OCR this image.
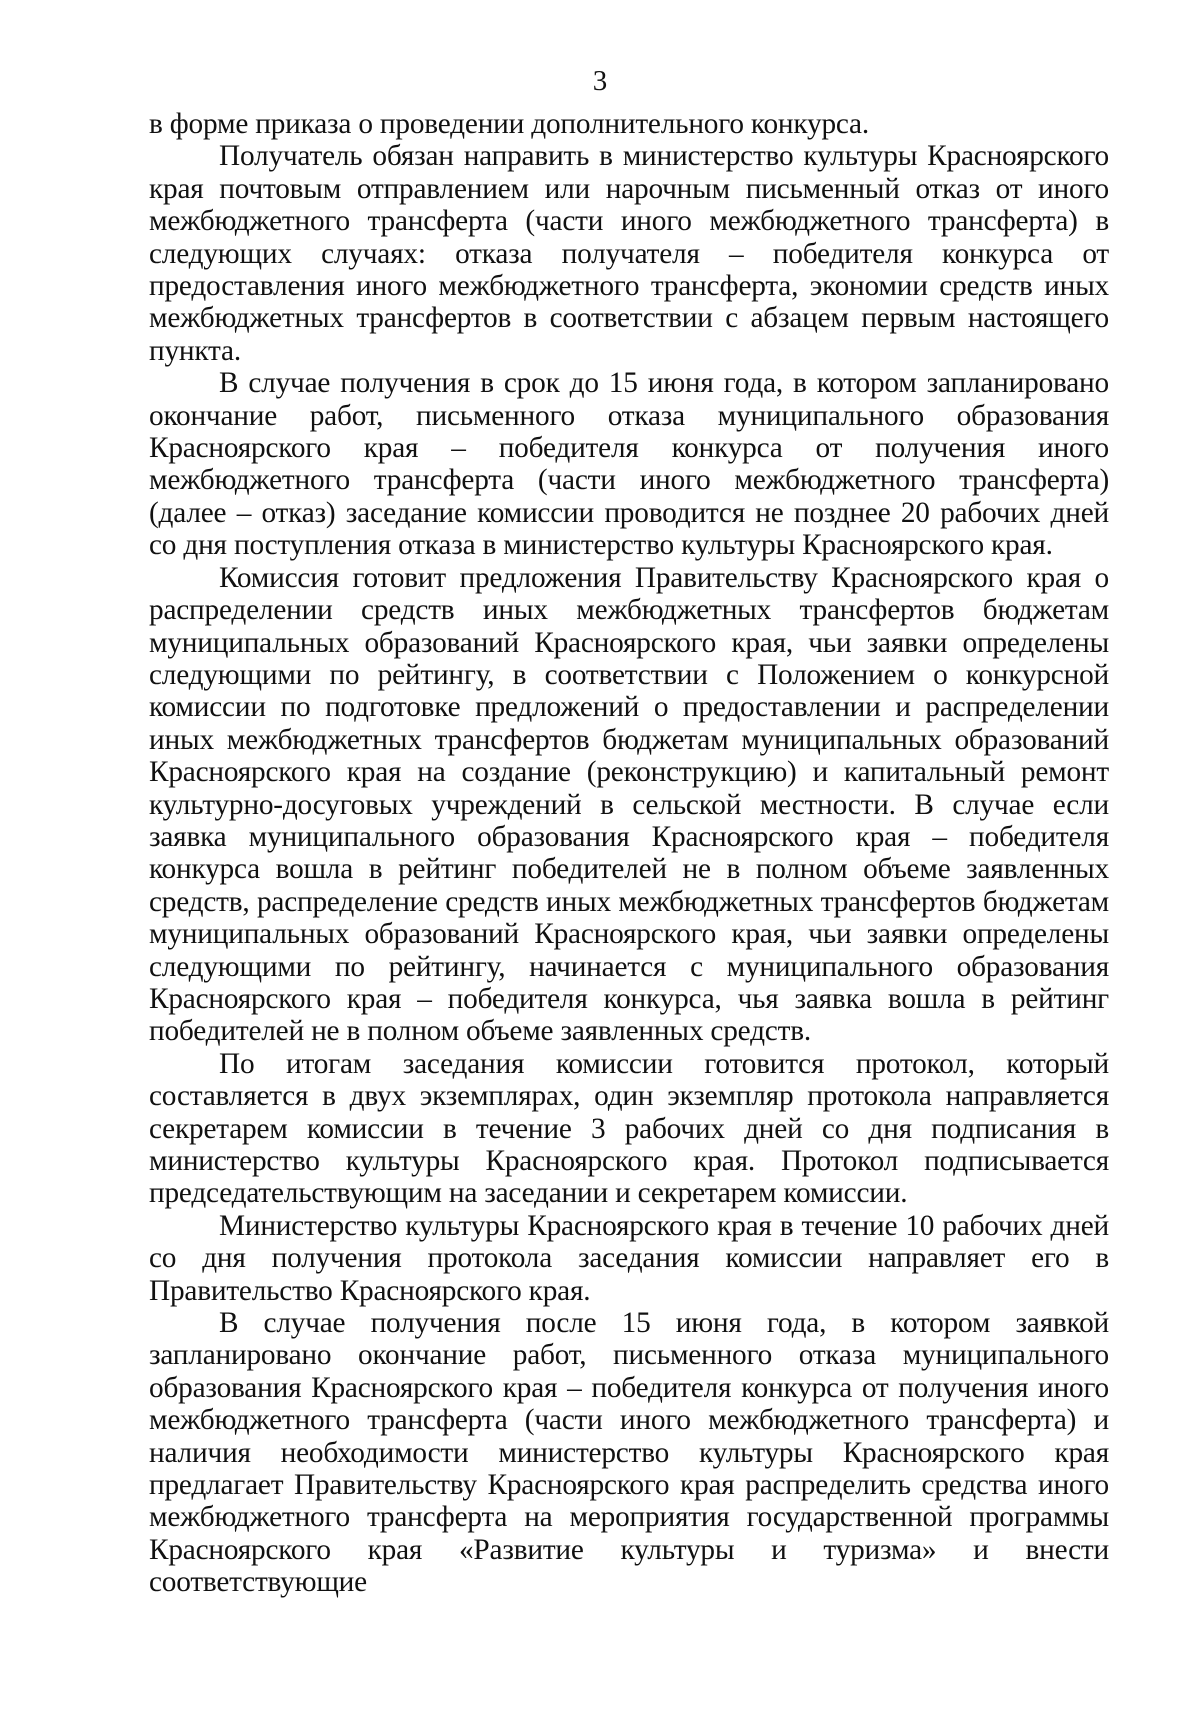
3

в форме приказа о проведении дополнительного конкурса.

Получатель обязан направить в министерство культуры Красноярского края почтовым отправлением или нарочным письменный отказ от иного межбюджетного трансферта (части иного межбюджетного трансферта) в следующих случаях: отказа получателя – победителя конкурса от предоставления иного межбюджетного трансферта, экономии средств иных межбюджетных трансфертов в соответствии с абзацем первым настоящего пункта.

В случае получения в срок до 15 июня года, в котором запланировано окончание работ, письменного отказа муниципального образования Красноярского края – победителя конкурса от получения иного межбюджетного трансферта (части иного межбюджетного трансферта) (далее – отказ) заседание комиссии проводится не позднее 20 рабочих дней со дня поступления отказа в министерство культуры Красноярского края.

Комиссия готовит предложения Правительству Красноярского края о распределении средств иных межбюджетных трансфертов бюджетам муниципальных образований Красноярского края, чьи заявки определены следующими по рейтингу, в соответствии с Положением о конкурсной комиссии по подготовке предложений о предоставлении и распределении иных межбюджетных трансфертов бюджетам муниципальных образований Красноярского края на создание (реконструкцию) и капитальный ремонт культурно-досуговых учреждений в сельской местности. В случае если заявка муниципального образования Красноярского края – победителя конкурса вошла в рейтинг победителей не в полном объеме заявленных средств, распределение средств иных межбюджетных трансфертов бюджетам муниципальных образований Красноярского края, чьи заявки определены следующими по рейтингу, начинается с муниципального образования Красноярского края – победителя конкурса, чья заявка вошла в рейтинг победителей не в полном объеме заявленных средств.

По итогам заседания комиссии готовится протокол, который составляется в двух экземплярах, один экземпляр протокола направляется секретарем комиссии в течение 3 рабочих дней со дня подписания в министерство культуры Красноярского края. Протокол подписывается председательствующим на заседании и секретарем комиссии.

Министерство культуры Красноярского края в течение 10 рабочих дней со дня получения протокола заседания комиссии направляет его в Правительство Красноярского края.

В случае получения после 15 июня года, в котором заявкой запланировано окончание работ, письменного отказа муниципального образования Красноярского края – победителя конкурса от получения иного межбюджетного трансферта (части иного межбюджетного трансферта) и наличия необходимости министерство культуры Красноярского края предлагает Правительству Красноярского края распределить средства иного межбюджетного трансферта на мероприятия государственной программы Красноярского края «Развитие культуры и туризма» и внести соответствующие
